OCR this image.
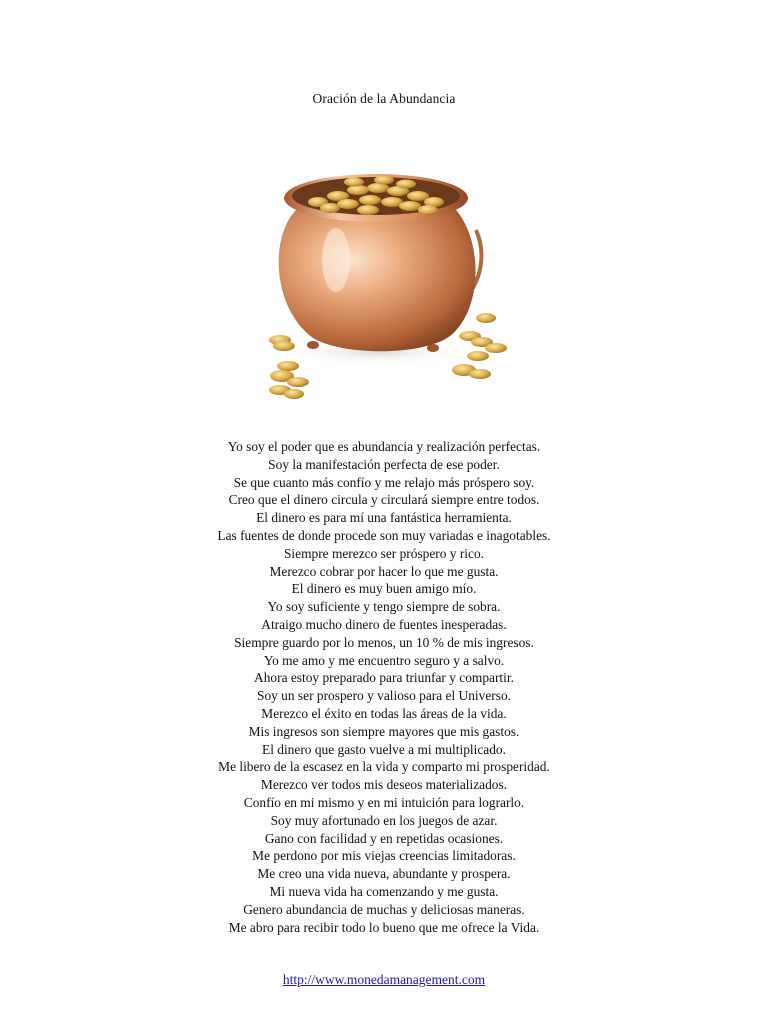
Oración de la Abundancia
Yo soy el poder que es abundancia y realización perfectas.
Soy la manifestación perfecta de ese poder.
Se que cuanto más confío y me relajo más próspero soy.
Creo que el dinero circula y circulará siempre entre todos.
El dinero es para mí una fantástica herramienta.
Las fuentes de donde procede son muy variadas e inagotables.
Siempre merezco ser próspero y rico.
Merezco cobrar por hacer lo que me gusta.
El dinero es muy buen amigo mío.
Yo soy suficiente y tengo siempre de sobra.
Atraigo mucho dinero de fuentes inesperadas.
Siempre guardo por lo menos, un 10 % de mis ingresos.
Yo me amo y me encuentro seguro y a salvo.
Ahora estoy preparado para triunfar y compartir.
Soy un ser prospero y valioso para el Universo.
Merezco el éxito en todas las áreas de la vida.
Mis ingresos son siempre mayores que mis gastos.
El dinero que gasto vuelve a mi multiplicado.
Me libero de la escasez en la vida y comparto mi prosperidad.
Merezco ver todos mis deseos materializados.
Confío en mi mismo y en mi intuición para lograrlo.
Soy muy afortunado en los juegos de azar.
Gano con facilidad y en repetidas ocasiones.
Me perdono por mis viejas creencias limitadoras.
Me creo una vida nueva, abundante y prospera.
Mi nueva vida ha comenzando y me gusta.
Genero abundancia de muchas y deliciosas maneras.
Me abro para recibir todo lo bueno que me ofrece la Vida.
http://www.monedamanagement.com
